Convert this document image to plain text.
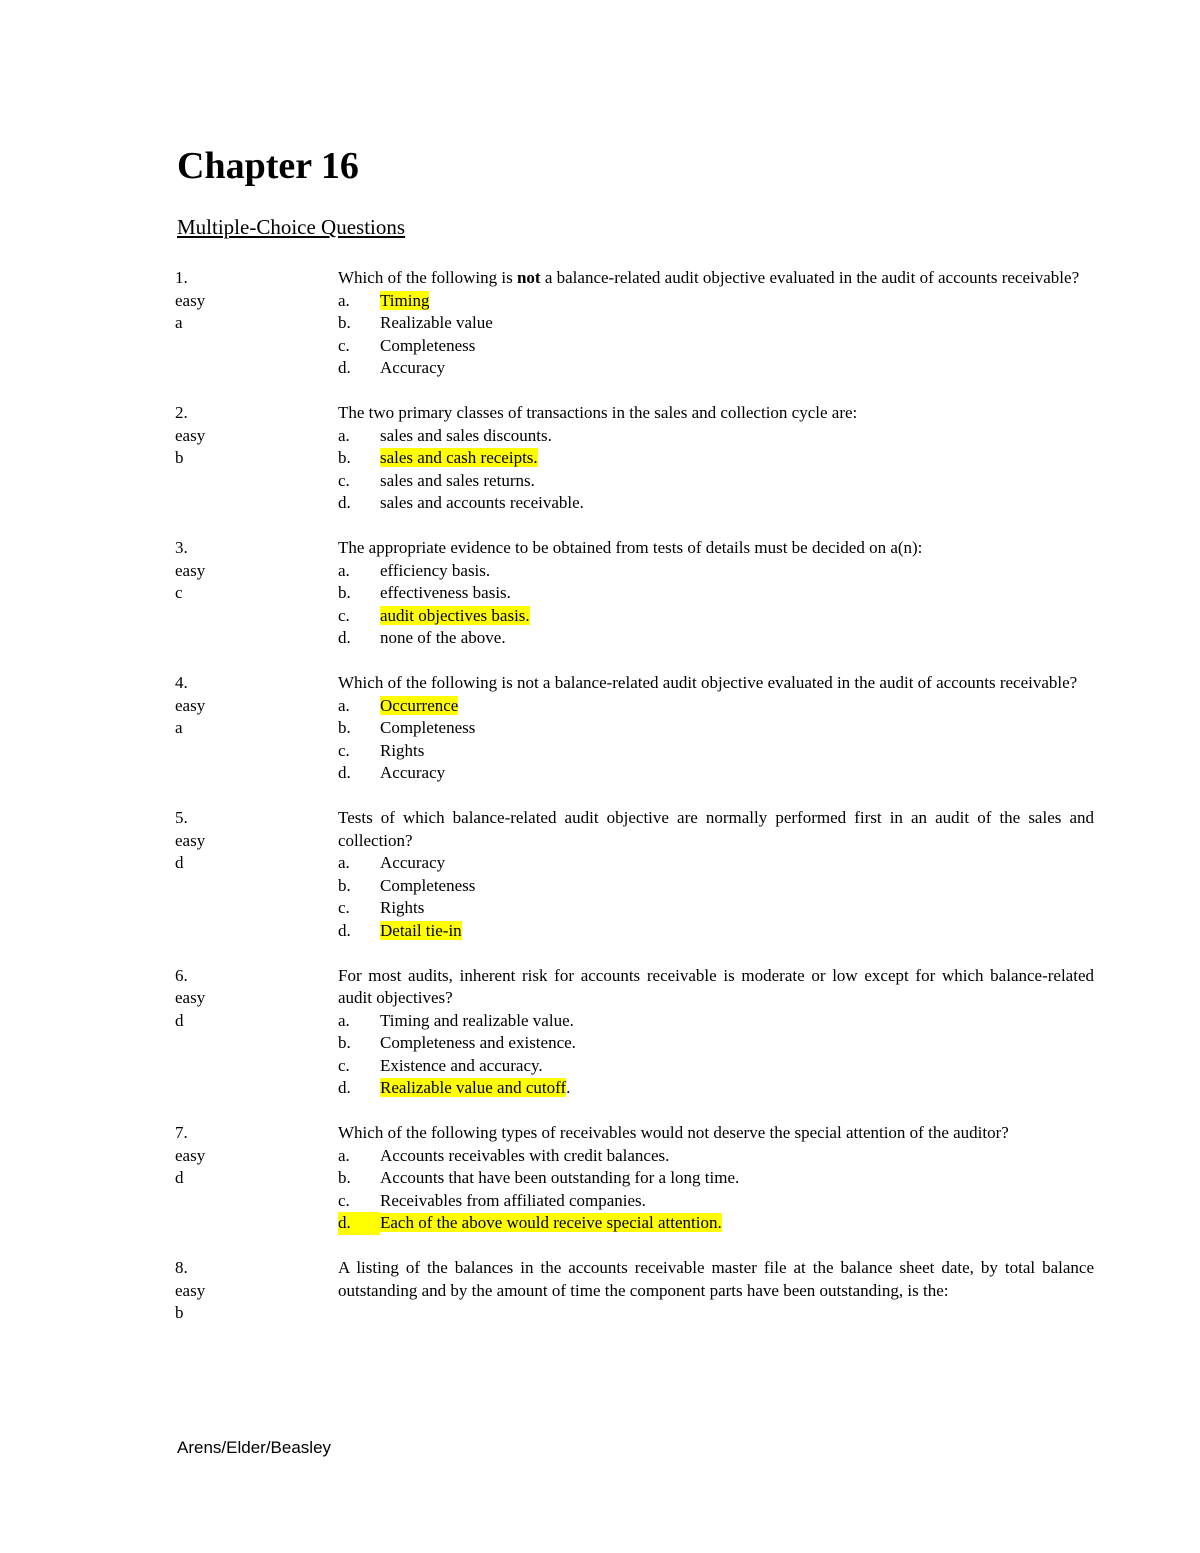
Chapter 16
Multiple-Choice Questions
1.
easy
a

Which of the following is not a balance-related audit objective evaluated in the audit of accounts receivable?

a.	Timing
b.	Realizable value
c.	Completeness
d.	Accuracy
2.
easy
b

The two primary classes of transactions in the sales and collection cycle are:

a.	sales and sales discounts.
b.	sales and cash receipts.
c.	sales and sales returns.
d.	sales and accounts receivable.
3.
easy
c

The appropriate evidence to be obtained from tests of details must be decided on a(n):

a.	efficiency basis.
b.	effectiveness basis.
c.	audit objectives basis.
d.	none of the above.
4.
easy
a

Which of the following is not a balance-related audit objective evaluated in the audit of accounts receivable?

a.	Occurrence
b.	Completeness
c.	Rights
d.	Accuracy
5.
easy
d

Tests of which balance-related audit objective are normally performed first in an audit of the sales and collection?

a.	Accuracy
b.	Completeness
c.	Rights
d.	Detail tie-in
6.
easy
d

For most audits, inherent risk for accounts receivable is moderate or low except for which balance-related audit objectives?

a.	Timing and realizable value.
b.	Completeness and existence.
c.	Existence and accuracy.
d.	Realizable value and cutoff.
7.
easy
d

Which of the following types of receivables would not deserve the special attention of the auditor?

a.	Accounts receivables with credit balances.
b.	Accounts that have been outstanding for a long time.
c.	Receivables from affiliated companies.
d.	Each of the above would receive special attention.
8.
easy
b

A listing of the balances in the accounts receivable master file at the balance sheet date, by total balance outstanding and by the amount of time the component parts have been outstanding, is the:

Arens/Elder/Beasley
